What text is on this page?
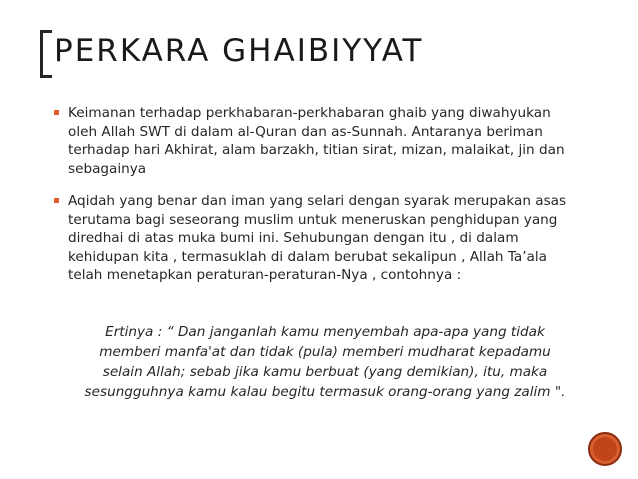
PERKARA GHAIBIYYAT
Keimanan terhadap perkhabaran-perkhabaran ghaib yang diwahyukan oleh Allah SWT di dalam al-Quran dan as-Sunnah. Antaranya beriman terhadap hari Akhirat, alam barzakh, titian sirat, mizan, malaikat, jin dan sebagainya
Aqidah yang benar dan iman yang selari dengan syarak merupakan asas terutama bagi seseorang muslim untuk meneruskan penghidupan yang diredhai di atas muka bumi ini. Sehubungan dengan itu , di dalam kehidupan kita , termasuklah di dalam berubat sekalipun , Allah Ta’ala telah menetapkan peraturan-peraturan-Nya , contohnya :
Ertinya : “ Dan janganlah kamu menyembah apa-apa yang tidak
memberi manfa'at dan tidak (pula) memberi mudharat kepadamu
selain Allah; sebab jika kamu berbuat (yang demikian), itu, maka
sesungguhnya kamu kalau begitu termasuk orang-orang yang zalim ".
